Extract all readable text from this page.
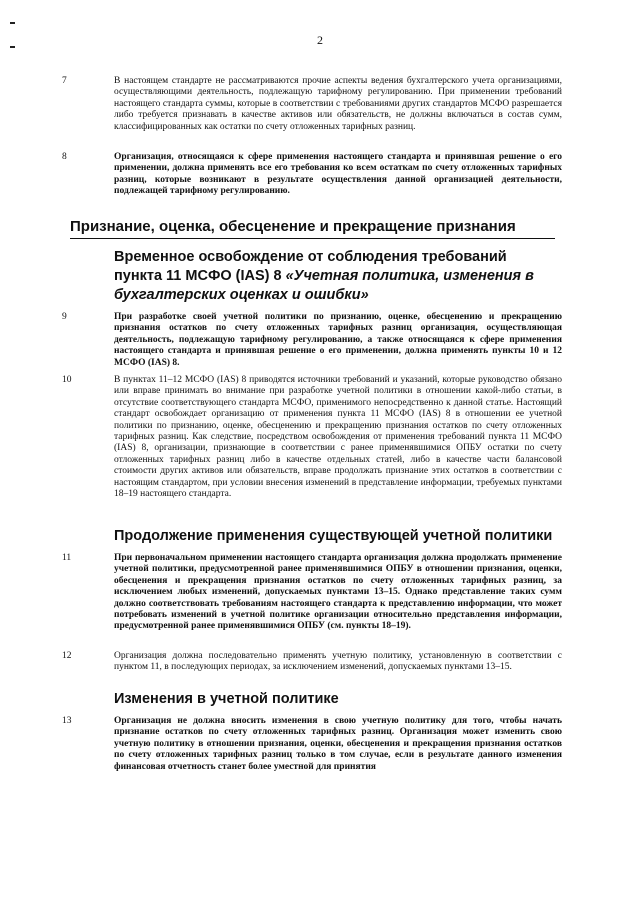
2
7	В настоящем стандарте не рассматриваются прочие аспекты ведения бухгалтерского учета организациями, осуществляющими деятельность, подлежащую тарифному регулированию. При применении требований настоящего стандарта суммы, которые в соответствии с требованиями других стандартов МСФО разрешается либо требуется признавать в качестве активов или обязательств, не должны включаться в состав сумм, классифицированных как остатки по счету отложенных тарифных разниц.
8	Организация, относящаяся к сфере применения настоящего стандарта и принявшая решение о его применении, должна применять все его требования ко всем остаткам по счету отложенных тарифных разниц, которые возникают в результате осуществления данной организацией деятельности, подлежащей тарифному регулированию.
Признание, оценка, обесценение и прекращение признания
Временное освобождение от соблюдения требований пункта 11 МСФО (IAS) 8 «Учетная политика, изменения в бухгалтерских оценках и ошибки»
9	При разработке своей учетной политики по признанию, оценке, обесценению и прекращению признания остатков по счету отложенных тарифных разниц организация, осуществляющая деятельность, подлежащую тарифному регулированию, а также относящаяся к сфере применения настоящего стандарта и принявшая решение о его применении, должна применять пункты 10 и 12 МСФО (IAS) 8.
10	В пунктах 11–12 МСФО (IAS) 8 приводятся источники требований и указаний, которые руководство обязано или вправе принимать во внимание при разработке учетной политики в отношении какой-либо статьи, в отсутствие соответствующего стандарта МСФО, применимого непосредственно к данной статье. Настоящий стандарт освобождает организацию от применения пункта 11 МСФО (IAS) 8 в отношении ее учетной политики по признанию, оценке, обесценению и прекращению признания остатков по счету отложенных тарифных разниц. Как следствие, посредством освобождения от применения требований пункта 11 МСФО (IAS) 8, организации, признающие в соответствии с ранее применявшимися ОПБУ остатки по счету отложенных тарифных разниц либо в качестве отдельных статей, либо в качестве части балансовой стоимости других активов или обязательств, вправе продолжать признание этих остатков в соответствии с настоящим стандартом, при условии внесения изменений в представление информации, требуемых пунктами 18–19 настоящего стандарта.
Продолжение применения существующей учетной политики
11	При первоначальном применении настоящего стандарта организация должна продолжать применение учетной политики, предусмотренной ранее применявшимися ОПБУ в отношении признания, оценки, обесценения и прекращения признания остатков по счету отложенных тарифных разниц, за исключением любых изменений, допускаемых пунктами 13–15. Однако представление таких сумм должно соответствовать требованиям настоящего стандарта к представлению информации, что может потребовать изменений в учетной политике организации относительно представления информации, предусмотренной ранее применявшимися ОПБУ (см. пункты 18–19).
12	Организация должна последовательно применять учетную политику, установленную в соответствии с пунктом 11, в последующих периодах, за исключением изменений, допускаемых пунктами 13–15.
Изменения в учетной политике
13	Организация не должна вносить изменения в свою учетную политику для того, чтобы начать признание остатков по счету отложенных тарифных разниц. Организация может изменить свою учетную политику в отношении признания, оценки, обесценения и прекращения признания остатков по счету отложенных тарифных разниц только в том случае, если в результате данного изменения финансовая отчетность станет более уместной для принятия
